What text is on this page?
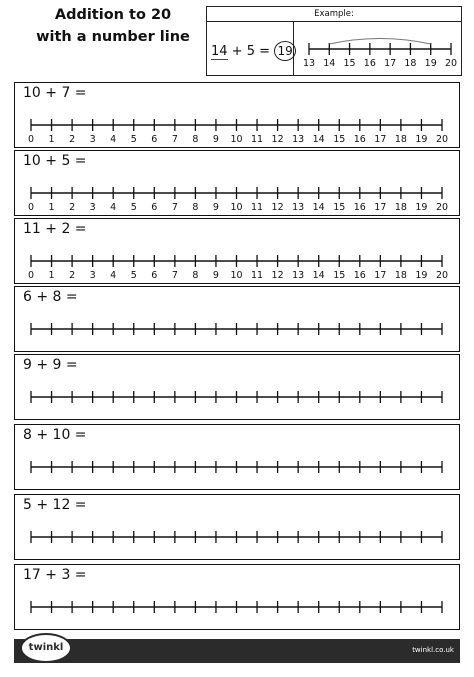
Addition to 20
with a number line
Example:
14 + 5 = 19
13 14 15 16 17 18 19 20
10 + 7 =
0 1 2 3 4 5 6 7 8 9 10 11 12 13 14 15 16 17 18 19 20
10 + 5 =
0 1 2 3 4 5 6 7 8 9 10 11 12 13 14 15 16 17 18 19 20
11 + 2 =
0 1 2 3 4 5 6 7 8 9 10 11 12 13 14 15 16 17 18 19 20
6 + 8 =
9 + 9 =
8 + 10 =
5 + 12 =
17 + 3 =
twinkl	twinkl.co.uk
